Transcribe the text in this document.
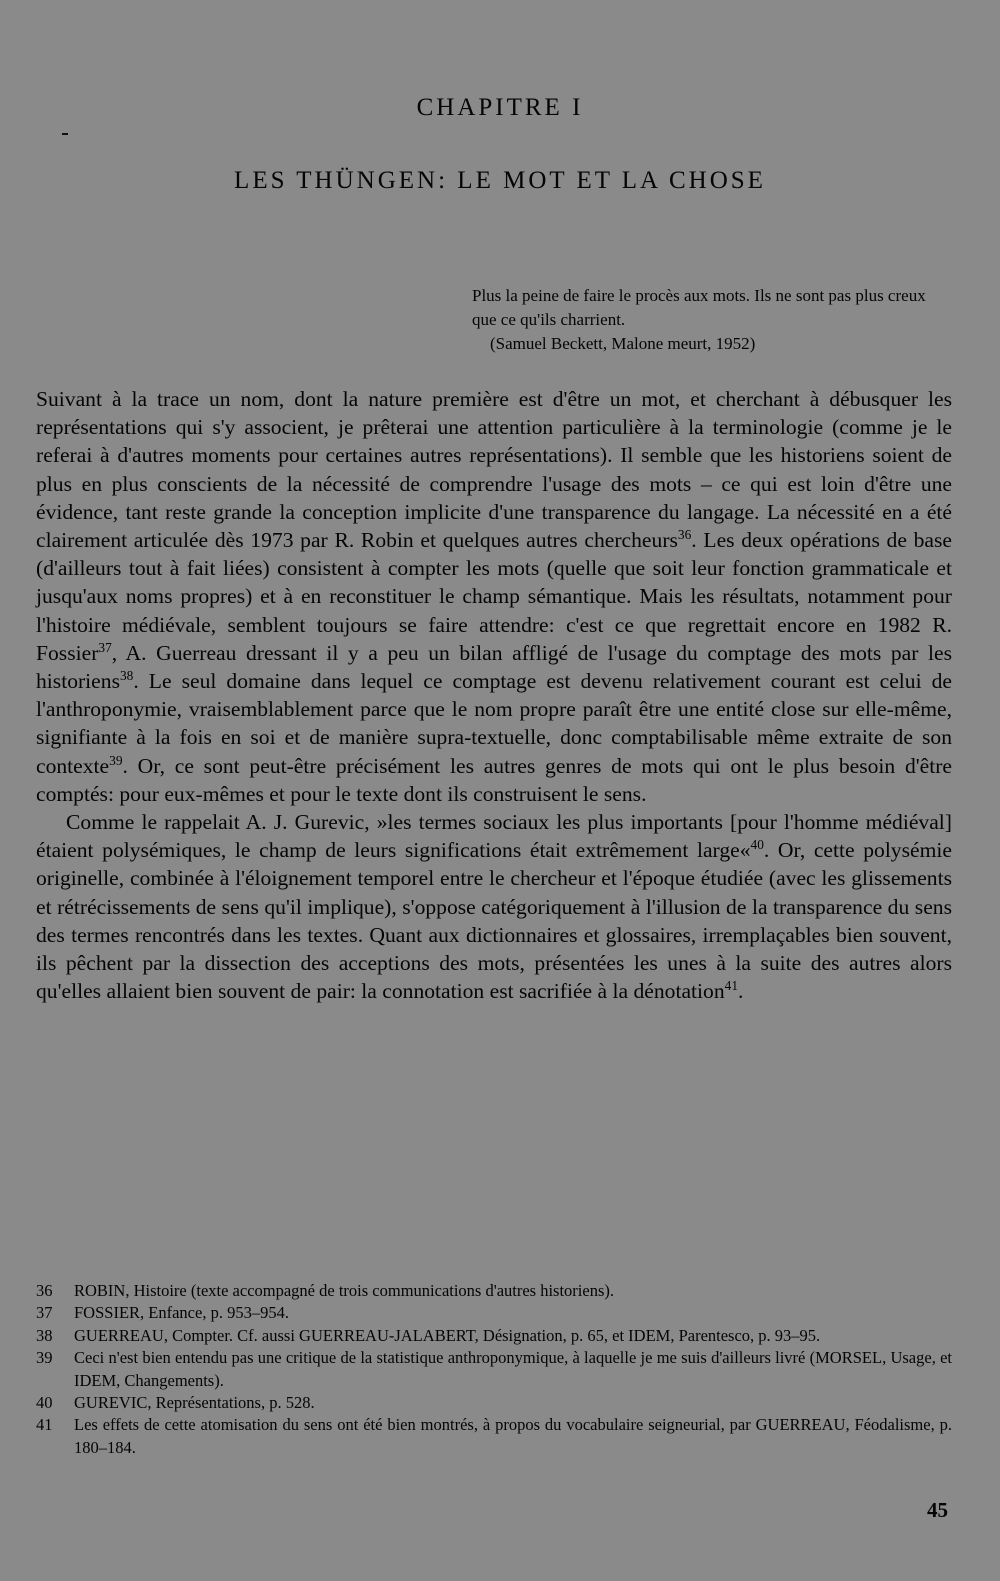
CHAPITRE I
LES THÜNGEN: LE MOT ET LA CHOSE

Plus la peine de faire le procès aux mots. Ils ne sont pas plus creux que ce qu'ils charrient.

(Samuel Beckett, Malone meurt, 1952)

Suivant à la trace un nom, dont la nature première est d'être un mot, et cherchant à débusquer les représentations qui s'y associent, je prêterai une attention particulière à la terminologie (comme je le referai à d'autres moments pour certaines autres représentations). Il semble que les historiens soient de plus en plus conscients de la nécessité de comprendre l'usage des mots – ce qui est loin d'être une évidence, tant reste grande la conception implicite d'une transparence du langage. La nécessité en a été clairement articulée dès 1973 par R. Robin et quelques autres chercheurs$^{36}$. Les deux opérations de base (d'ailleurs tout à fait liées) consistent à compter les mots (quelle que soit leur fonction grammaticale et jusqu'aux noms propres) et à en reconstituer le champ sémantique. Mais les résultats, notamment pour l'histoire médiévale, semblent toujours se faire attendre: c'est ce que regrettait encore en 1982 R. Fossier$^{37}$, A. Guerreau dressant il y a peu un bilan affligé de l'usage du comptage des mots par les historiens$^{38}$. Le seul domaine dans lequel ce comptage est devenu relativement courant est celui de l'anthroponymie, vraisemblablement parce que le nom propre paraît être une entité close sur elle-même, signifiante à la fois en soi et de manière supra-textuelle, donc comptabilisable même extraite de son contexte$^{39}$. Or, ce sont peut-être précisément les autres genres de mots qui ont le plus besoin d'être comptés: pour eux-mêmes et pour le texte dont ils construisent le sens.

Comme le rappelait A. J. Gurevic, »les termes sociaux les plus importants [pour l'homme médiéval] étaient polysémiques, le champ de leurs significations était extrêmement large«$^{40}$. Or, cette polysémie originelle, combinée à l'éloignement temporel entre le chercheur et l'époque étudiée (avec les glissements et rétrécissements de sens qu'il implique), s'oppose catégoriquement à l'illusion de la transparence du sens des termes rencontrés dans les textes. Quant aux dictionnaires et glossaires, irremplaçables bien souvent, ils pêchent par la dissection des acceptions des mots, présentées les unes à la suite des autres alors qu'elles allaient bien souvent de pair: la connotation est sacrifiée à la dénotation$^{41}$.

36 ROBIN, Histoire (texte accompagné de trois communications d'autres historiens).
37 FOSSIER, Enfance, p. 953–954.
38 GUERREAU, Compter. Cf. aussi GUERREAU-JALABERT, Désignation, p. 65, et IDEM, Parentesco, p. 93–95.
39 Ceci n'est bien entendu pas une critique de la statistique anthroponymique, à laquelle je me suis d'ailleurs livré (MORSEL, Usage, et IDEM, Changements).
40 GUREVIC, Représentations, p. 528.
41 Les effets de cette atomisation du sens ont été bien montrés, à propos du vocabulaire seigneurial, par GUERREAU, Féodalisme, p. 180–184.
45
